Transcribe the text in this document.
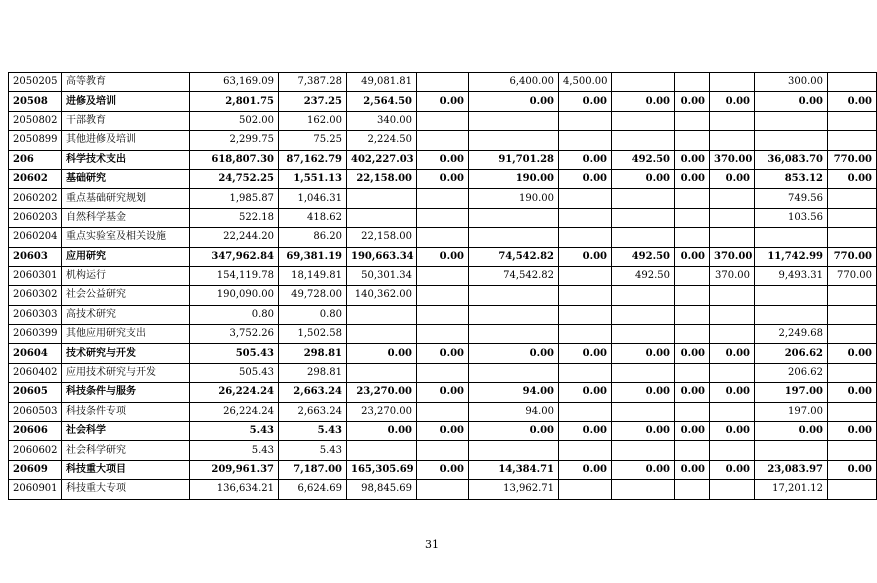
2050205	高等教育	63,169.09	7,387.28	49,081.81		6,400.00	4,500.00				300.00	
20508	进修及培训	2,801.75	237.25	2,564.50	0.00	0.00	0.00	0.00	0.00	0.00	0.00	0.00
2050802	干部教育	502.00	162.00	340.00								
2050899	其他进修及培训	2,299.75	75.25	2,224.50								
206	科学技术支出	618,807.30	87,162.79	402,227.03	0.00	91,701.28	0.00	492.50	0.00	370.00	36,083.70	770.00
20602	基础研究	24,752.25	1,551.13	22,158.00	0.00	190.00	0.00	0.00	0.00	0.00	853.12	0.00
2060202	重点基础研究规划	1,985.87	1,046.31			190.00					749.56	
2060203	自然科学基金	522.18	418.62								103.56	
2060204	重点实验室及相关设施	22,244.20	86.20	22,158.00								
20603	应用研究	347,962.84	69,381.19	190,663.34	0.00	74,542.82	0.00	492.50	0.00	370.00	11,742.99	770.00
2060301	机构运行	154,119.78	18,149.81	50,301.34		74,542.82		492.50		370.00	9,493.31	770.00
2060302	社会公益研究	190,090.00	49,728.00	140,362.00								
2060303	高技术研究	0.80	0.80									
2060399	其他应用研究支出	3,752.26	1,502.58								2,249.68	
20604	技术研究与开发	505.43	298.81	0.00	0.00	0.00	0.00	0.00	0.00	0.00	206.62	0.00
2060402	应用技术研究与开发	505.43	298.81								206.62	
20605	科技条件与服务	26,224.24	2,663.24	23,270.00	0.00	94.00	0.00	0.00	0.00	0.00	197.00	0.00
2060503	科技条件专项	26,224.24	2,663.24	23,270.00		94.00					197.00	
20606	社会科学	5.43	5.43	0.00	0.00	0.00	0.00	0.00	0.00	0.00	0.00	0.00
2060602	社会科学研究	5.43	5.43									
20609	科技重大项目	209,961.37	7,187.00	165,305.69	0.00	14,384.71	0.00	0.00	0.00	0.00	23,083.97	0.00
2060901	科技重大专项	136,634.21	6,624.69	98,845.69		13,962.71					17,201.12	
31
